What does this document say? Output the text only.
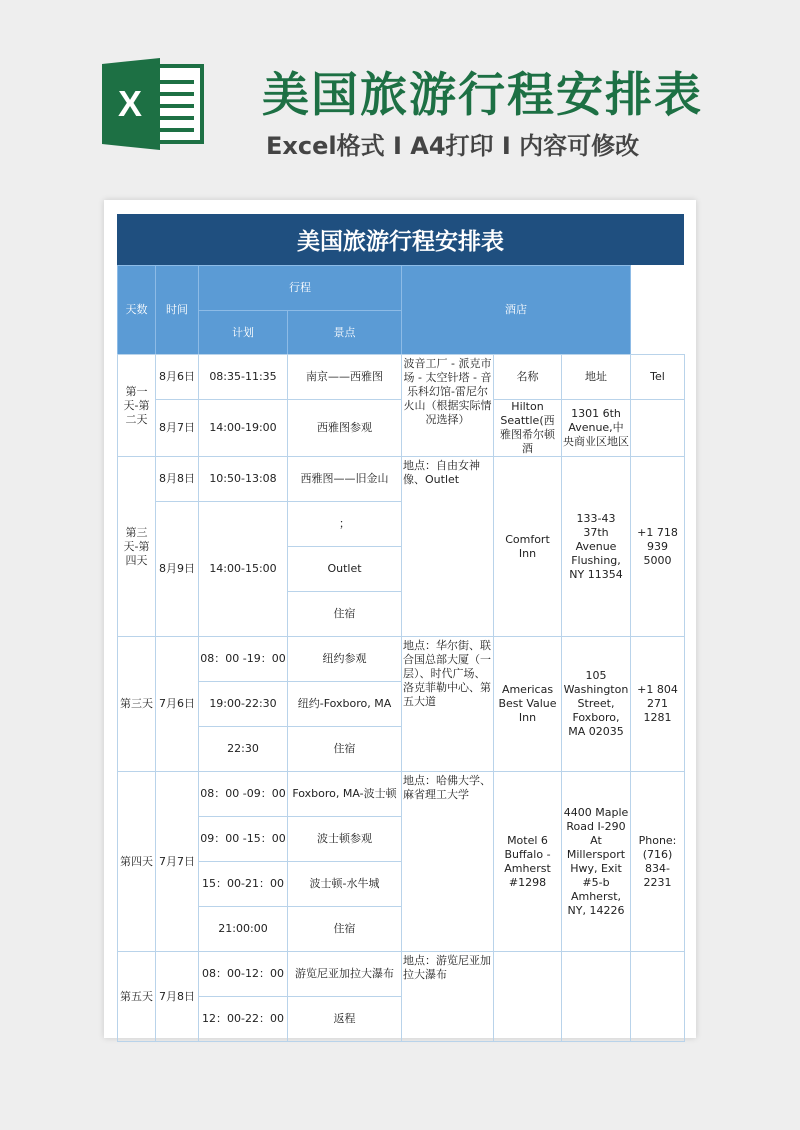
X	美国旅游行程安排表
Excel格式 I A4打印 I 内容可修改
美国旅游行程安排表
天数	时间	行程		酒店
		计划	景点	
第一天-第二天	8月6日	08:35-11:35	南京——西雅图	波音工厂 - 派克市场 - 太空针塔 - 音乐科幻馆-雷尼尔火山（根据实际情况选择）	名称	地址	Tel
	8月7日	14:00-19:00	西雅图参观		Hilton Seattle(西雅图希尔顿酒	1301 6th Avenue,中央商业区地区	
第三天-第四天	8月8日	10:50-13:08	西雅图——旧金山	地点：自由女神像、Outlet	Comfort Inn	133-43 37th Avenue Flushing, NY 11354	+1 718 939 5000
	8月9日	14:00-15:00	；				
			Outlet				
			住宿				

第三天	7月6日	08：00 -19：00	纽约参观	地点：华尔街、联合国总部大厦（一层）、时代广场、洛克菲勒中心、第五大道	Americas Best Value Inn	105 Washington Street, Foxboro, MA 02035	+1 804 271 1281
		19:00-22:30	纽约-Foxboro, MA				
		22:30	住宿				
第四天	7月7日	08：00 -09：00	Foxboro, MA-波士顿	地点：哈佛大学、麻省理工大学	Motel 6 Buffalo - Amherst #1298	4400 Maple Road I-290 At Millersport Hwy, Exit #5-b Amherst, NY, 14226	Phone: (716) 834-2231
		09：00 -15：00	波士顿参观				
		15：00-21：00	波士顿-水牛城				
		21:00:00	住宿				
第五天	7月8日	08：00-12：00	游览尼亚加拉大瀑布	地点：游览尼亚加拉大瀑布			
		12：00-22：00	返程				
